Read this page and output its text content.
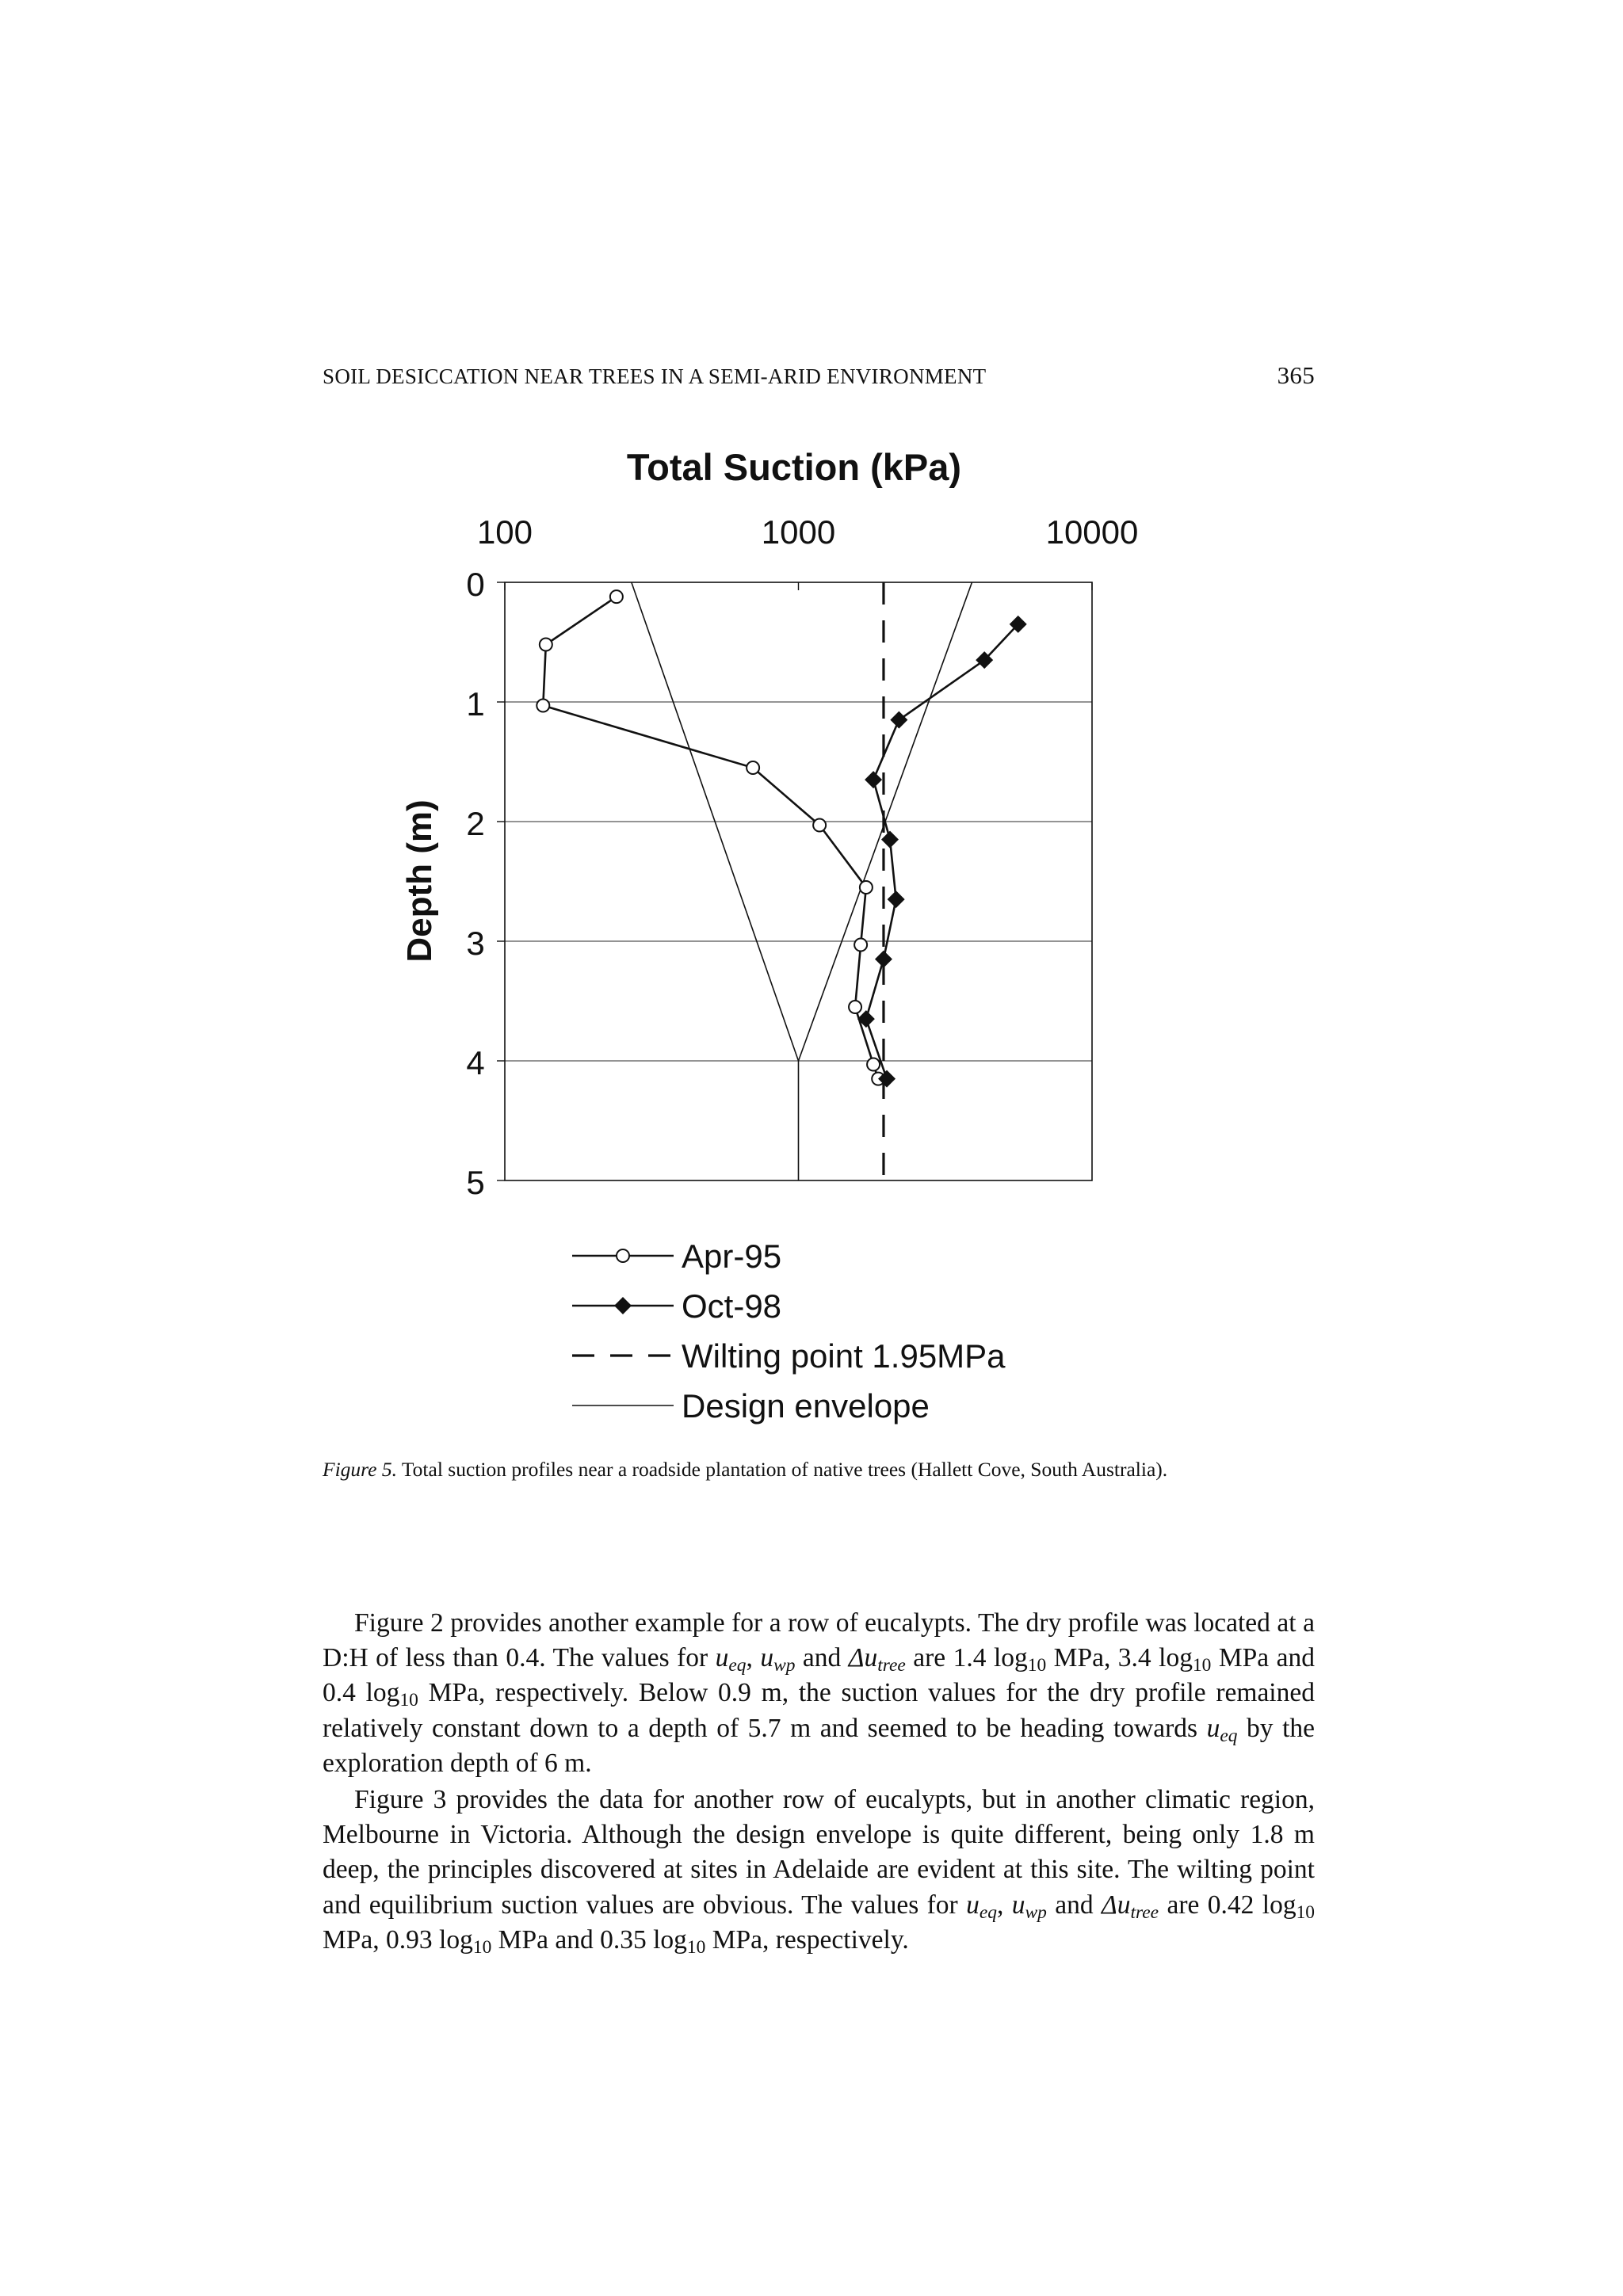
SOIL DESICCATION NEAR TREES IN A SEMI-ARID ENVIRONMENT	365
Total Suction (kPa)
0
1
2
3
4
5
100	1000	10000
Depth (m)
Apr-95
Oct-98
Wilting point 1.95MPa
Design envelope
Figure 5. Total suction profiles near a roadside plantation of native trees (Hallett Cove, South Australia).

Figure 2 provides another example for a row of eucalypts. The dry profile was located at a D:H of less than 0.4. The values for $u_{eq}$, $u_{wp}$ and $\Delta u_{tree}$ are 1.4 $\log_{10}$ MPa, 3.4 $\log_{10}$ MPa and 0.4 $\log_{10}$ MPa, respectively. Below 0.9 m, the suction values for the dry profile remained relatively constant down to a depth of 5.7 m and seemed to be heading towards $u_{eq}$ by the exploration depth of 6 m.

Figure 3 provides the data for another row of eucalypts, but in another climatic region, Melbourne in Victoria. Although the design envelope is quite different, being only 1.8 m deep, the principles discovered at sites in Adelaide are evident at this site. The wilting point and equilibrium suction values are obvious. The values for $u_{eq}$, $u_{wp}$ and $\Delta u_{tree}$ are 0.42 $\log_{10}$ MPa, 0.93 $\log_{10}$ MPa and 0.35 $\log_{10}$ MPa, respectively.
